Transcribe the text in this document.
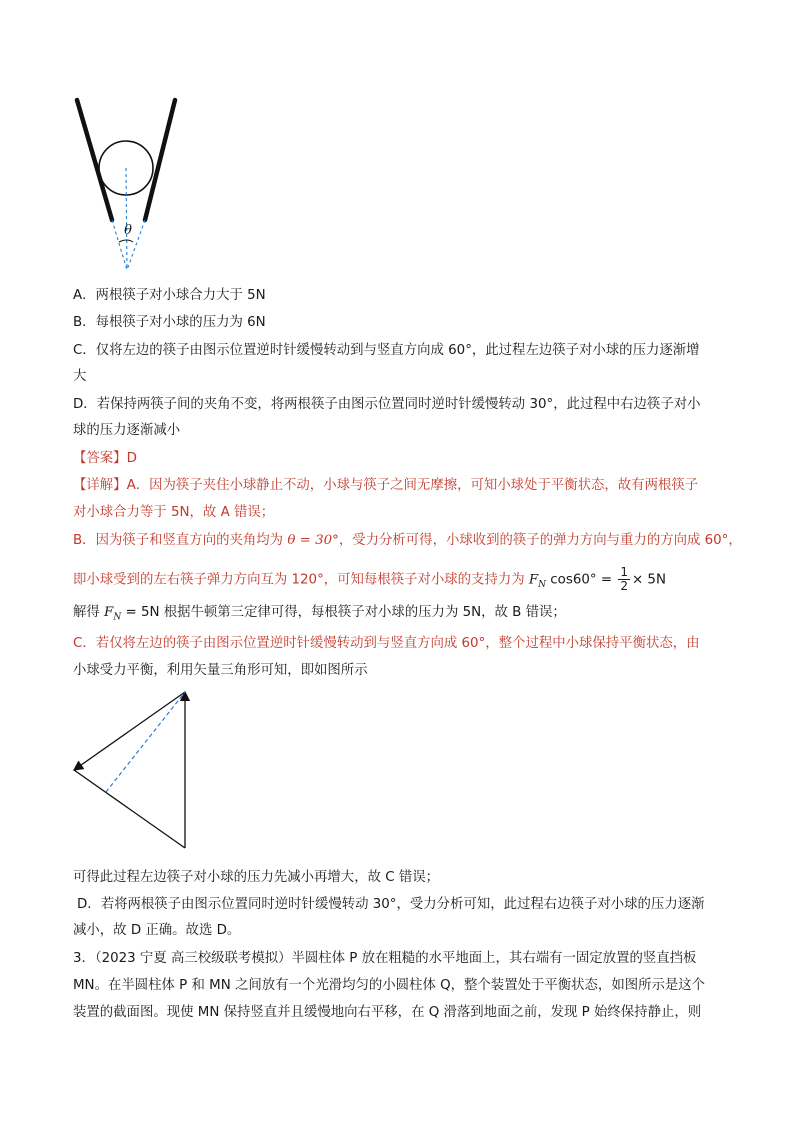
θ
A．两根筷子对小球合力大于 5N
B．每根筷子对小球的压力为 6N
C．仅将左边的筷子由图示位置逆时针缓慢转动到与竖直方向成 60°，此过程左边筷子对小球的压力逐渐增
大
D．若保持两筷子间的夹角不变，将两根筷子由图示位置同时逆时针缓慢转动 30°，此过程中右边筷子对小
球的压力逐渐减小
【答案】D
【详解】A．因为筷子夹住小球静止不动，小球与筷子之间无摩擦，可知小球处于平衡状态，故有两根筷子
对小球合力等于 5N，故 A 错误；
B．因为筷子和竖直方向的夹角均为 θ = 30°，受力分析可得，小球收到的筷子的弹力方向与重力的方向成 60°，
即小球受到的左右筷子弹力方向互为 120°，可知每根筷子对小球的支持力为 $F_N$ $\cos 60^\circ = \frac{1}{2} \times 5N$
解得 $F_N = 5N$ 根据牛顿第三定律可得，每根筷子对小球的压力为 5N，故 B 错误；
C．若仅将左边的筷子由图示位置逆时针缓慢转动到与竖直方向成 60°，整个过程中小球保持平衡状态，由
小球受力平衡，利用矢量三角形可知，即如图所示
可得此过程左边筷子对小球的压力先减小再增大，故 C 错误；
D．若将两根筷子由图示位置同时逆时针缓慢转动 30°，受力分析可知，此过程右边筷子对小球的压力逐渐
减小，故 D 正确。故选 D。
3．（2023 宁夏 高三校级联考模拟）半圆柱体 P 放在粗糙的水平地面上，其右端有一固定放置的竖直挡板
MN。在半圆柱体 P 和 MN 之间放有一个光滑均匀的小圆柱体 Q，整个装置处于平衡状态，如图所示是这个
装置的截面图。现使 MN 保持竖直并且缓慢地向右平移，在 Q 滑落到地面之前，发现 P 始终保持静止，则
